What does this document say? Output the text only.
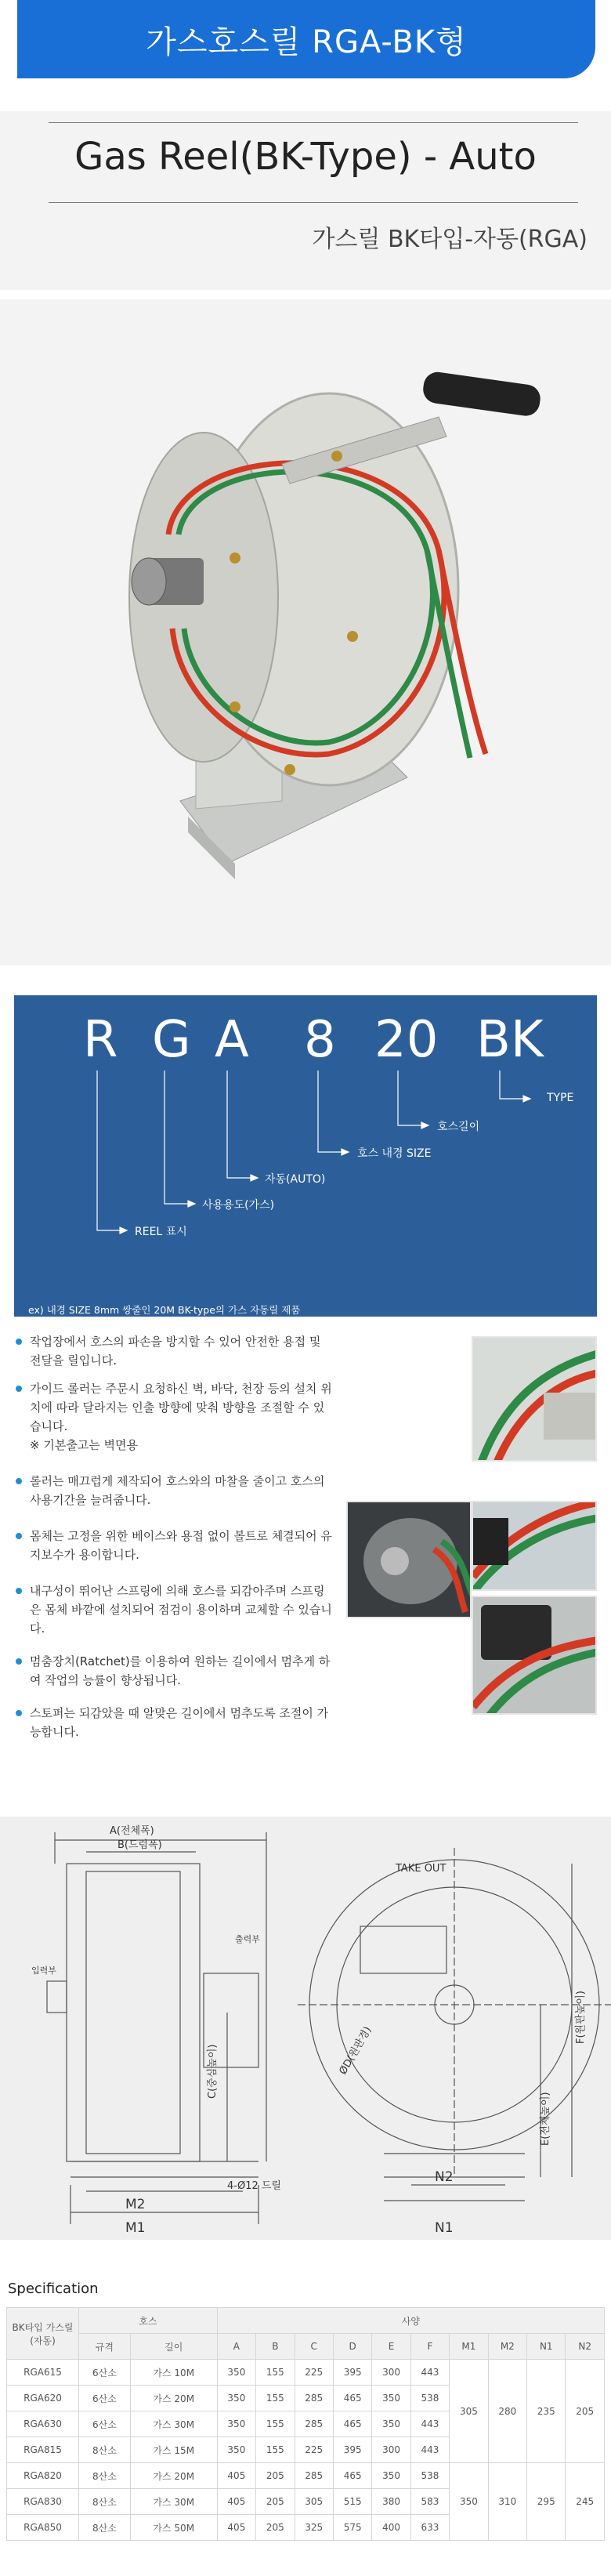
가스호스릴 RGA-BK형
Gas Reel(BK-Type) - Auto
가스릴 BK타입-자동(RGA)
R G A 8 20 BK
TYPE
호스길이
호스 내경 SIZE
자동(AUTO)
사용용도(가스)
REEL 표시
ex) 내경 SIZE 8mm 쌍줄인 20M BK-type의 가스 자동릴 제품
작업장에서 호스의 파손을 방지할 수 있어 안전한 용접 및 전달을 릴입니다.
가이드 롤러는 주문시 요청하신 벽, 바닥, 천장 등의 설치 위치에 따라 달라지는 인출 방향에 맞춰 방향을 조절할 수 있습니다.
※ 기본출고는 벽면용
롤러는 매끄럽게 제작되어 호스와의 마찰을 줄이고 호스의 사용기간을 늘려줍니다.
몸체는 고정을 위한 베이스와 용접 없이 볼트로 체결되어 유지보수가 용이합니다.
내구성이 뛰어난 스프링에 의해 호스를 되감아주며 스프링은 몸체 바깥에 설치되어 점검이 용이하며 교체할 수 있습니다.
멈춤장치(Ratchet)를 이용하여 원하는 길이에서 멈추게 하여 작업의 능률이 향상됩니다.
스토퍼는 되감았을 때 알맞은 길이에서 멈추도록 조절이 가능합니다.
A(전체폭)
B(드럼폭)
C(중심높이)	ØD(원판경)
E(전체높이)
F(원판높이)
M2
M1
N2
N1
4-Ø12 드릴
TAKE OUT
입력부
출력부
Specification
BK타입 가스릴 (자동)	호스		사양									
	규격	길이	A	B	C	D	E	F	M1	M2	N1	N2
RGA615	6산소	가스 10M	350	155	225	395	300	443	305	280	235	205
RGA620	6산소	가스 20M	350	155	285	465	350	538				
RGA630	6산소	가스 30M	350	155	285	465	350	443				
RGA815	8산소	가스 15M	350	155	225	395	300	443				
RGA820	8산소	가스 20M	405	205	285	465	350	538	350	310	295	245
RGA830	8산소	가스 30M	405	205	305	515	380	583				
RGA850	8산소	가스 50M	405	205	325	575	400	633				
